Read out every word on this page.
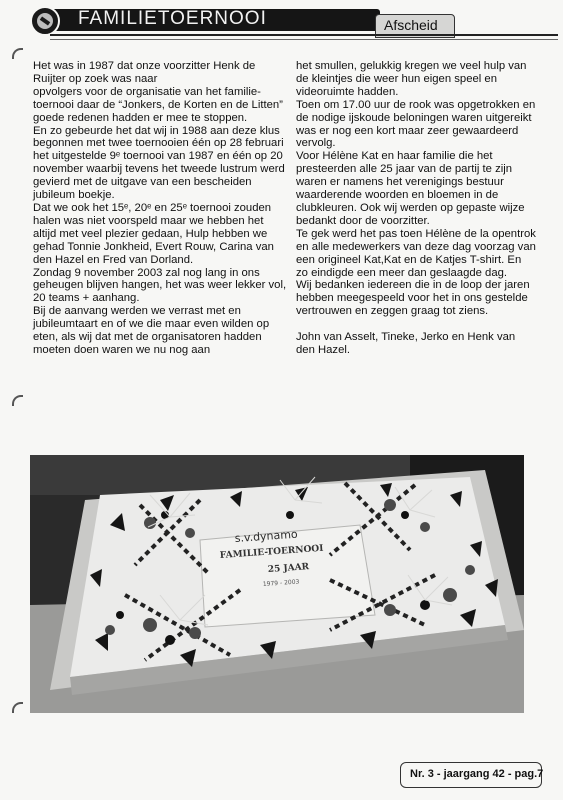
FAMILIETOERNOOI	Afscheid
Het was in 1987 dat onze voorzitter Henk de Ruijter op zoek was naar
opvolgers voor de organisatie van het familie-toernooi daar de “Jonkers, de Korten en de Litten” goede redenen hadden er mee te stoppen.
En zo gebeurde het dat wij in 1988 aan deze klus begonnen met twee toernooien één op 28 februari het uitgestelde 9ᵉ toernooi van 1987 en één op 20 november waarbij tevens het tweede lustrum werd gevierd met de uitgave van een bescheiden jubileum boekje.
Dat we ook het 15ᵉ, 20ᵉ en 25ᵉ toernooi zouden halen was niet voorspeld maar we hebben het altijd met veel plezier gedaan, Hulp hebben we gehad Tonnie Jonkheid, Evert Rouw, Carina van den Hazel en Fred van Dorland.
Zondag 9 november 2003 zal nog lang in ons geheugen blijven hangen, het was weer lekker vol, 20 teams + aanhang.
Bij de aanvang werden we verrast met en jubileumtaart en of we die maar even wilden op eten, als wij dat met de organisatoren hadden moeten doen waren we nu nog aan
het smullen, gelukkig kregen we veel hulp van de kleintjes die weer hun eigen speel en videoruimte hadden.
Toen om 17.00 uur de rook was opgetrokken en de nodige ijskoude beloningen waren uitgereikt was er nog een kort maar zeer gewaardeerd vervolg.
Voor Hélène Kat en haar familie die het presteerden alle 25 jaar van de partij te zijn waren er namens het verenigings bestuur waarderende woorden en bloemen in de clubkleuren. Ook wij werden op gepaste wijze bedankt door de voorzitter.
Te gek werd het pas toen Hélène de la opentrok en alle medewerkers van deze dag voorzag van een origineel Kat,Kat en de Katjes T-shirt. En zo eindigde een meer dan geslaagde dag.
Wij bedanken iedereen die in de loop der jaren hebben meegespeeld voor het in ons gestelde vertrouwen en zeggen graag tot ziens.

John van Asselt, Tineke, Jerko en Henk van den Hazel.
s.v.dynamo
FAMILIE-TOERNOOI
25 JAAR
1979 - 2003
Nr. 3 - jaargang 42 - pag.7
